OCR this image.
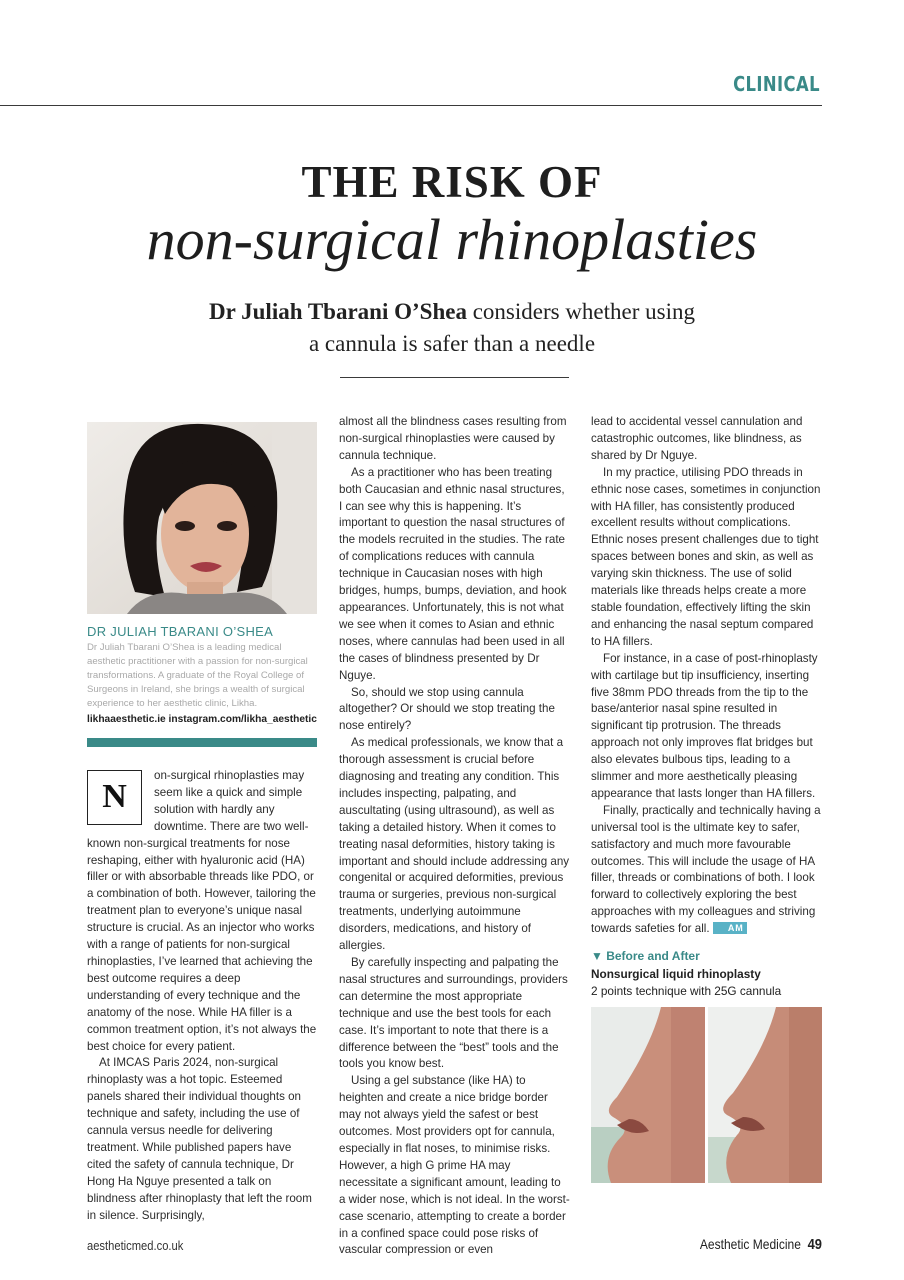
CLINICAL
THE RISK OF
non-surgical rhinoplasties
Dr Juliah Tbarani O’Shea considers whether using
a cannula is safer than a needle
DR JULIAH TBARANI O’SHEA
Dr Juliah Tbarani O’Shea is a leading medical aesthetic practitioner with a passion for non-surgical transformations. A graduate of the Royal College of Surgeons in Ireland, she brings a wealth of surgical experience to her aesthetic clinic, Likha.
likhaaesthetic.ie instagram.com/likha_aesthetic
N

on-surgical rhinoplasties may seem like a quick and simple solution with hardly any downtime. There are two well-known non-surgical treatments for nose reshaping, either with hyaluronic acid (HA) filler or with absorbable threads like PDO, or a combination of both. However, tailoring the treatment plan to everyone’s unique nasal structure is crucial. As an injector who works with a range of patients for non-surgical rhinoplasties, I’ve learned that achieving the best outcome requires a deep understanding of every technique and the anatomy of the nose. While HA filler is a common treatment option, it’s not always the best choice for every patient.

At IMCAS Paris 2024, non-surgical rhinoplasty was a hot topic. Esteemed panels shared their individual thoughts on technique and safety, including the use of cannula versus needle for delivering treatment. While published papers have cited the safety of cannula technique, Dr Hong Ha Nguye presented a talk on blindness after rhinoplasty that left the room in silence. Surprisingly,

almost all the blindness cases resulting from non-surgical rhinoplasties were caused by cannula technique.

As a practitioner who has been treating both Caucasian and ethnic nasal structures, I can see why this is happening. It’s important to question the nasal structures of the models recruited in the studies. The rate of complications reduces with cannula technique in Caucasian noses with high bridges, humps, bumps, deviation, and hook appearances. Unfortunately, this is not what we see when it comes to Asian and ethnic noses, where cannulas had been used in all the cases of blindness presented by Dr Nguye.

So, should we stop using cannula altogether? Or should we stop treating the nose entirely?

As medical professionals, we know that a thorough assessment is crucial before diagnosing and treating any condition. This includes inspecting, palpating, and auscultating (using ultrasound), as well as taking a detailed history. When it comes to treating nasal deformities, history taking is important and should include addressing any congenital or acquired deformities, previous trauma or surgeries, previous non-surgical treatments, underlying autoimmune disorders, medications, and history of allergies.

By carefully inspecting and palpating the nasal structures and surroundings, providers can determine the most appropriate technique and use the best tools for each case. It’s important to note that there is a difference between the “best” tools and the tools you know best.

Using a gel substance (like HA) to heighten and create a nice bridge border may not always yield the safest or best outcomes. Most providers opt for cannula, especially in flat noses, to minimise risks. However, a high G prime HA may necessitate a significant amount, leading to a wider nose, which is not ideal. In the worst-case scenario, attempting to create a border in a confined space could pose risks of vascular compression or even

lead to accidental vessel cannulation and catastrophic outcomes, like blindness, as shared by Dr Nguye.

In my practice, utilising PDO threads in ethnic nose cases, sometimes in conjunction with HA filler, has consistently produced excellent results without complications. Ethnic noses present challenges due to tight spaces between bones and skin, as well as varying skin thickness. The use of solid materials like threads helps create a more stable foundation, effectively lifting the skin and enhancing the nasal septum compared to HA fillers.

For instance, in a case of post-rhinoplasty with cartilage but tip insufficiency, inserting five 38mm PDO threads from the tip to the base/anterior nasal spine resulted in significant tip protrusion. The threads approach not only improves flat bridges but also elevates bulbous tips, leading to a slimmer and more aesthetically pleasing appearance that lasts longer than HA fillers.

Finally, practically and technically having a universal tool is the ultimate key to safer, satisfactory and much more favourable outcomes. This will include the usage of HA filler, threads or combinations of both. I look forward to collectively exploring the best approaches with my colleagues and striving towards safeties for all. AM

▼ Before and After
Nonsurgical liquid rhinoplasty
2 points technique with 25G cannula
aestheticmed.co.uk	Aesthetic Medicine 49
